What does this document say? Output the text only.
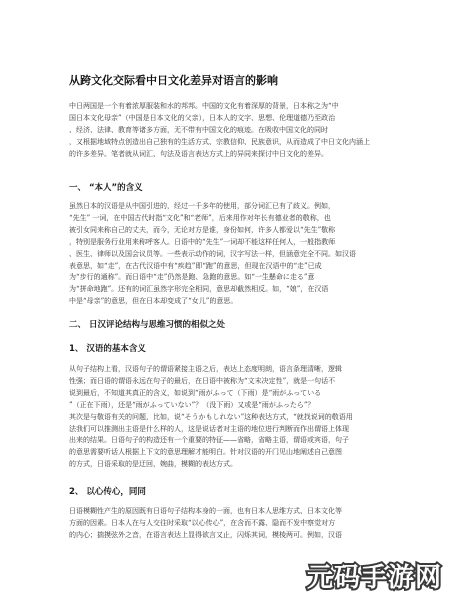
从跨文化交际看中日文化差异对语言的影响
中日两国是一个有着浓厚服装和水的邦邦。中国的文化有着深厚的背景，日本称之为“中
国日本文化母亲”（中国是日本文化的父亲），日本人的文字、思想、伦理道德乃至政治
、经济、法律、教育等诸多方面，无不带有中国文化的痕迹。在吸收中国文化的同时
，又根据地域特点创造出自己独有的生活方式、宗教信仰、民族意识，从而造成了中日文化内涵上
的许多差异。笔者就从词汇、句法及语言表达方式上的异同来探讨中日文化的差异。
一、 “本人”的含义
虽然日本的汉语是从中国引进的，经过一千多年的使用，部分词汇已有了歧义。例如，
“先生” 一词，在中国古代时指“文化”和“老师”，后来用作对年长有德业者的敬称，也
被引女同来称自己的丈夫，而今，无论对方是谁，身份如何，许多人都爱以“先生”敬称
，特别是服务行业用来称呼客人。日语中的“先生”一词却不能这样任何人，一般指教师
、医生、律师以及国会议员等。一些表示动作的词，汉字写法一样，但涵意完全不同。如汉语
表意思，如“走”，在古代汉语中有“疾趋”即“跑”的意思，但现在汉语中的“走”已成
为“步行的通称”。而日语中“走”仍然是跑、急跑的意思。如“一生懸命に走る”意
为“拼命地跑”。还有的词汇虽然字形完全相同，意思却截然相反。如，“娘”，在汉语
中是“母亲”的意思，但在日本却变成了“女儿”的意思。
二、 日汉评论结构与思维习惯的相似之处
1、 汉语的基本含义
从句子结构上看，汉语句子的谓语紧接主语之后，表达上态度明朗，语言条理清晰，逻辑
性强；而日语的谓语永远在句子的最后，在日语中被称为“文末决定性”，就是一句话不
说到最后，不知道其真正的含义，如说到“雨がふって（下雨）是“雨がふっている
”（正在下雨），还是“雨がふっていない”？（没下雨）又或是“雨がふったら”？
其次是与敬语有关的问题，比如，说“そうかもしれない”这种表达方式，“就找说词的敬语用
法我们可以推测出主语是什么样的人，这是说话者对主语的地位进行判断而作出谓语上体现
出来的结果。日语句子的构造还有一个重要的特征——省略，省略主语，谓语或宾语，句子
的意思需要听话人根据上下文的意思理解才能明白。针对汉语的开门见山地阐述自己意图
的方式，日语采取的是迂回，婉曲，模糊的表达方式。
2、 以心传心，同同
日语模糊性产生的原因既有日语句子结构本身的一面，也有日本人思维方式、日本文化等
方面的因素。日本人在与人交往时采取“以心传心”，在含而不露、隐而不发中察觉对方
的内心；揣摸弦外之音，在语言表达上显得欲言又止，闪烁其词，模棱两可。例如，汉语
元码手游网
